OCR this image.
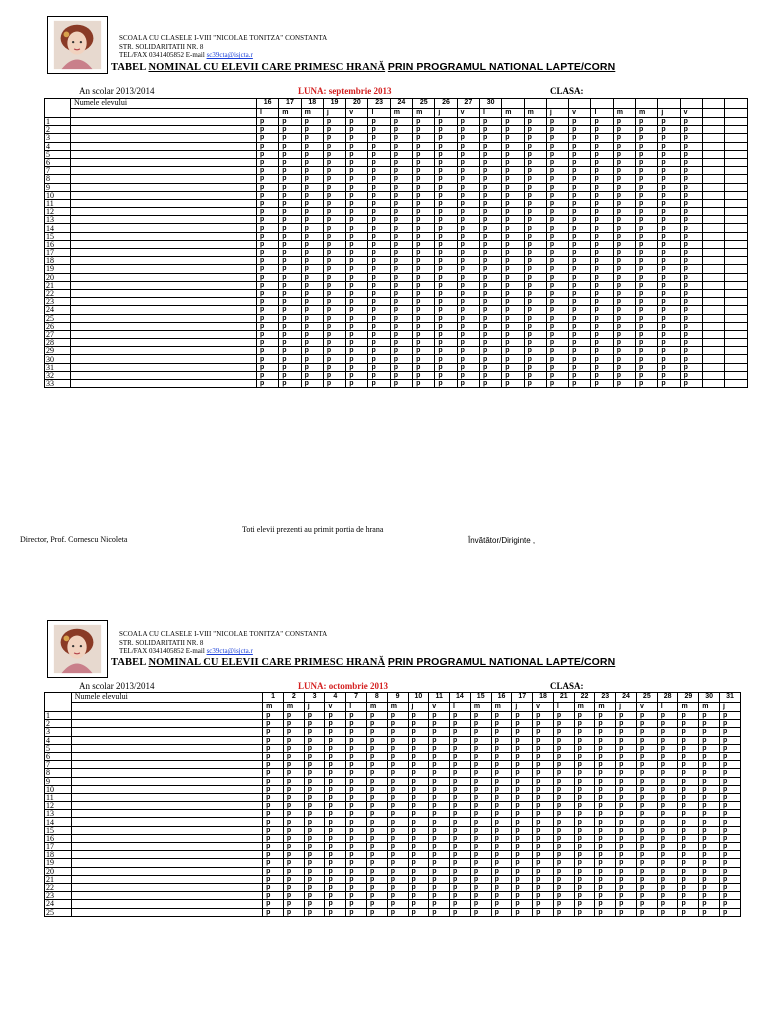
SCOALA CU CLASELE I-VIII "NICOLAE TONITZA" CONSTANTA
STR. SOLIDARITATII NR. 8
TEL/FAX 0341405852 E-mail sc39cta@isjcta.r
TABEL NOMINAL CU ELEVII CARE PRIMESC HRANĂ PRIN PROGRAMUL NATIONAL LAPTE/CORN
An scolar 2013/2014	LUNA: septembrie 2013	CLASA:
	Numele elevului	16	17	18	19	20	23	24	25	26	27	30											
		l	m	m	j	v	l	m	m	j	v	l	m	m	j	v	l	m	m	j	v		
1		p	p	p	p	p	p	p	p	p	p	p	p	p	p	p	p	p	p	p	p		
2		p	p	p	p	p	p	p	p	p	p	p	p	p	p	p	p	p	p	p	p		
3		p	p	p	p	p	p	p	p	p	p	p	p	p	p	p	p	p	p	p	p		
4		p	p	p	p	p	p	p	p	p	p	p	p	p	p	p	p	p	p	p	p		
5		p	p	p	p	p	p	p	p	p	p	p	p	p	p	p	p	p	p	p	p		
6		p	p	p	p	p	p	p	p	p	p	p	p	p	p	p	p	p	p	p	p		
7		p	p	p	p	p	p	p	p	p	p	p	p	p	p	p	p	p	p	p	p		
8		p	p	p	p	p	p	p	p	p	p	p	p	p	p	p	p	p	p	p	p		
9		p	p	p	p	p	p	p	p	p	p	p	p	p	p	p	p	p	p	p	p		
10		p	p	p	p	p	p	p	p	p	p	p	p	p	p	p	p	p	p	p	p		
11		p	p	p	p	p	p	p	p	p	p	p	p	p	p	p	p	p	p	p	p		
12		p	p	p	p	p	p	p	p	p	p	p	p	p	p	p	p	p	p	p	p		
13		p	p	p	p	p	p	p	p	p	p	p	p	p	p	p	p	p	p	p	p		
14		p	p	p	p	p	p	p	p	p	p	p	p	p	p	p	p	p	p	p	p		
15		p	p	p	p	p	p	p	p	p	p	p	p	p	p	p	p	p	p	p	p		
16		p	p	p	p	p	p	p	p	p	p	p	p	p	p	p	p	p	p	p	p		
17		p	p	p	p	p	p	p	p	p	p	p	p	p	p	p	p	p	p	p	p		
18		p	p	p	p	p	p	p	p	p	p	p	p	p	p	p	p	p	p	p	p		
19		p	p	p	p	p	p	p	p	p	p	p	p	p	p	p	p	p	p	p	p		
20		p	p	p	p	p	p	p	p	p	p	p	p	p	p	p	p	p	p	p	p		
21		p	p	p	p	p	p	p	p	p	p	p	p	p	p	p	p	p	p	p	p		
22		p	p	p	p	p	p	p	p	p	p	p	p	p	p	p	p	p	p	p	p		
23		p	p	p	p	p	p	p	p	p	p	p	p	p	p	p	p	p	p	p	p		
24		p	p	p	p	p	p	p	p	p	p	p	p	p	p	p	p	p	p	p	p		
25		p	p	p	p	p	p	p	p	p	p	p	p	p	p	p	p	p	p	p	p		
26		p	p	p	p	p	p	p	p	p	p	p	p	p	p	p	p	p	p	p	p		
27		p	p	p	p	p	p	p	p	p	p	p	p	p	p	p	p	p	p	p	p		
28		p	p	p	p	p	p	p	p	p	p	p	p	p	p	p	p	p	p	p	p		
29		p	p	p	p	p	p	p	p	p	p	p	p	p	p	p	p	p	p	p	p		
30		p	p	p	p	p	p	p	p	p	p	p	p	p	p	p	p	p	p	p	p		
31		p	p	p	p	p	p	p	p	p	p	p	p	p	p	p	p	p	p	p	p		
32		p	p	p	p	p	p	p	p	p	p	p	p	p	p	p	p	p	p	p	p		
33		p	p	p	p	p	p	p	p	p	p	p	p	p	p	p	p	p	p	p	p		
Toti elevii prezenti au primit portia de hrana
Director, Prof. Cornescu Nicoleta	Învătător/Diriginte ,
SCOALA CU CLASELE I-VIII "NICOLAE TONITZA" CONSTANTA
STR. SOLIDARITATII NR. 8
TEL/FAX 0341405852 E-mail sc39cta@isjcta.r
TABEL NOMINAL CU ELEVII CARE PRIMESC HRANĂ PRIN PROGRAMUL NATIONAL LAPTE/CORN
An scolar 2013/2014	LUNA: octombrie 2013	CLASA:
	Numele elevului	1	2	3	4	7	8	9	10	11	14	15	16	17	18	21	22	23	24	25	28	29	30	31
		m	m	j	v	l	m	m	j	v	l	m	m	j	v	l	m	m	j	v	l	m	m	j
1		p	p	p	p	p	p	p	p	p	p	p	p	p	p	p	p	p	p	p	p	p	p	p
2		p	p	p	p	p	p	p	p	p	p	p	p	p	p	p	p	p	p	p	p	p	p	p
3		p	p	p	p	p	p	p	p	p	p	p	p	p	p	p	p	p	p	p	p	p	p	p
4		p	p	p	p	p	p	p	p	p	p	p	p	p	p	p	p	p	p	p	p	p	p	p
5		p	p	p	p	p	p	p	p	p	p	p	p	p	p	p	p	p	p	p	p	p	p	p
6		p	p	p	p	p	p	p	p	p	p	p	p	p	p	p	p	p	p	p	p	p	p	p
7		p	p	p	p	p	p	p	p	p	p	p	p	p	p	p	p	p	p	p	p	p	p	p
8		p	p	p	p	p	p	p	p	p	p	p	p	p	p	p	p	p	p	p	p	p	p	p
9		p	p	p	p	p	p	p	p	p	p	p	p	p	p	p	p	p	p	p	p	p	p	p
10		p	p	p	p	p	p	p	p	p	p	p	p	p	p	p	p	p	p	p	p	p	p	p
11		p	p	p	p	p	p	p	p	p	p	p	p	p	p	p	p	p	p	p	p	p	p	p
12		p	p	p	p	p	p	p	p	p	p	p	p	p	p	p	p	p	p	p	p	p	p	p
13		p	p	p	p	p	p	p	p	p	p	p	p	p	p	p	p	p	p	p	p	p	p	p
14		p	p	p	p	p	p	p	p	p	p	p	p	p	p	p	p	p	p	p	p	p	p	p
15		p	p	p	p	p	p	p	p	p	p	p	p	p	p	p	p	p	p	p	p	p	p	p
16		p	p	p	p	p	p	p	p	p	p	p	p	p	p	p	p	p	p	p	p	p	p	p
17		p	p	p	p	p	p	p	p	p	p	p	p	p	p	p	p	p	p	p	p	p	p	p
18		p	p	p	p	p	p	p	p	p	p	p	p	p	p	p	p	p	p	p	p	p	p	p
19		p	p	p	p	p	p	p	p	p	p	p	p	p	p	p	p	p	p	p	p	p	p	p
20		p	p	p	p	p	p	p	p	p	p	p	p	p	p	p	p	p	p	p	p	p	p	p
21		p	p	p	p	p	p	p	p	p	p	p	p	p	p	p	p	p	p	p	p	p	p	p
22		p	p	p	p	p	p	p	p	p	p	p	p	p	p	p	p	p	p	p	p	p	p	p
23		p	p	p	p	p	p	p	p	p	p	p	p	p	p	p	p	p	p	p	p	p	p	p
24		p	p	p	p	p	p	p	p	p	p	p	p	p	p	p	p	p	p	p	p	p	p	p
25		p	p	p	p	p	p	p	p	p	p	p	p	p	p	p	p	p	p	p	p	p	p	p
